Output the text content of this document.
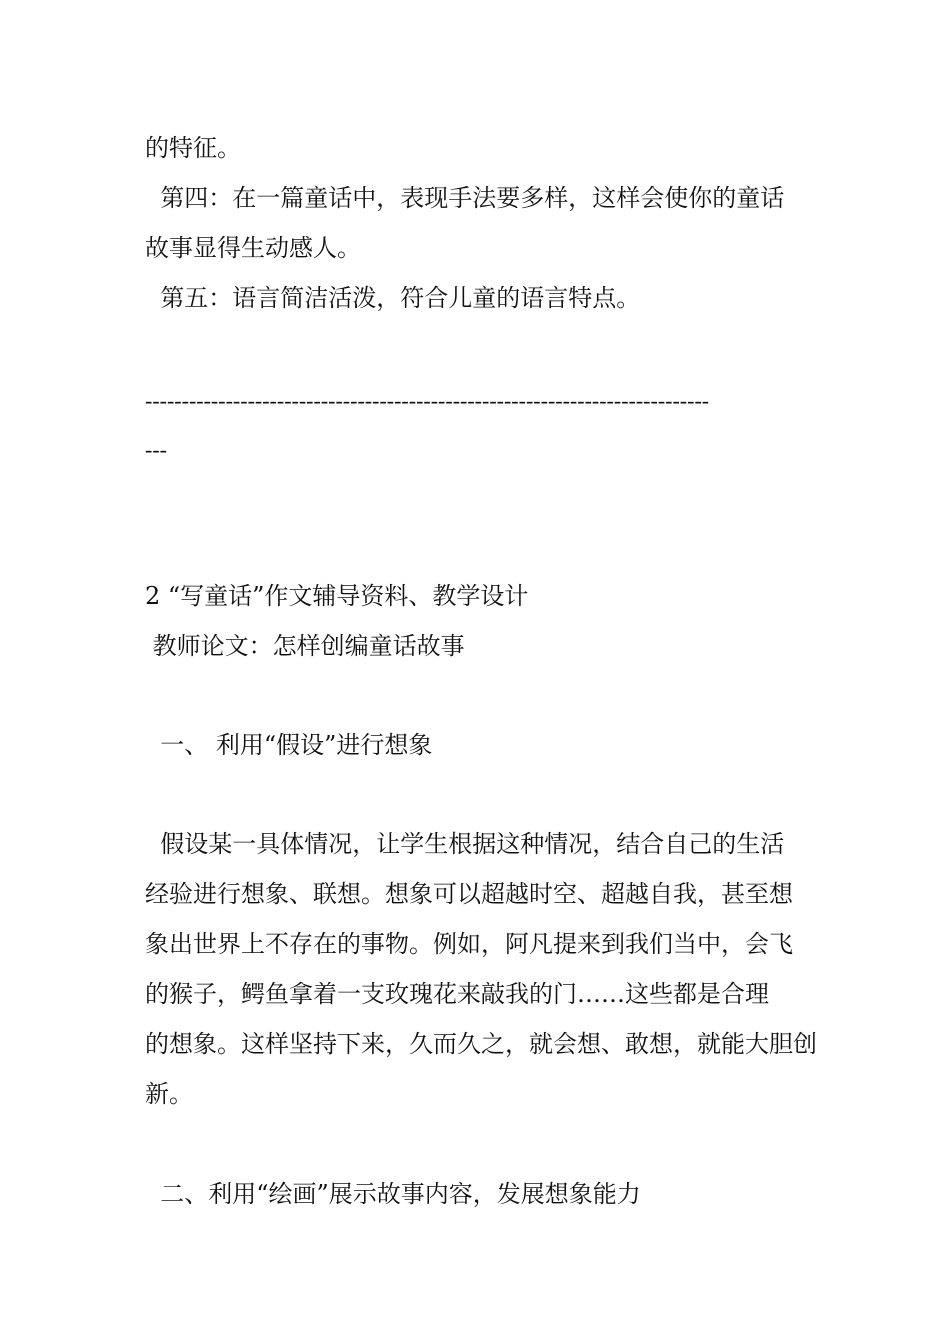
的特征。
第四：在一篇童话中，表现手法要多样，这样会使你的童话
故事显得生动感人。
第五：语言简洁活泼，符合儿童的语言特点。
-----------------------------------------------------------------------------
---
2 “写童话”作文辅导资料、教学设计
教师论文：怎样创编童话故事
一、 利用“假设”进行想象
假设某一具体情况，让学生根据这种情况，结合自己的生活
经验进行想象、联想。想象可以超越时空、超越自我，甚至想
象出世界上不存在的事物。例如，阿凡提来到我们当中，会飞
的猴子，鳄鱼拿着一支玫瑰花来敲我的门……这些都是合理
的想象。这样坚持下来，久而久之，就会想、敢想，就能大胆创
新。
二、利用“绘画”展示故事内容，发展想象能力
